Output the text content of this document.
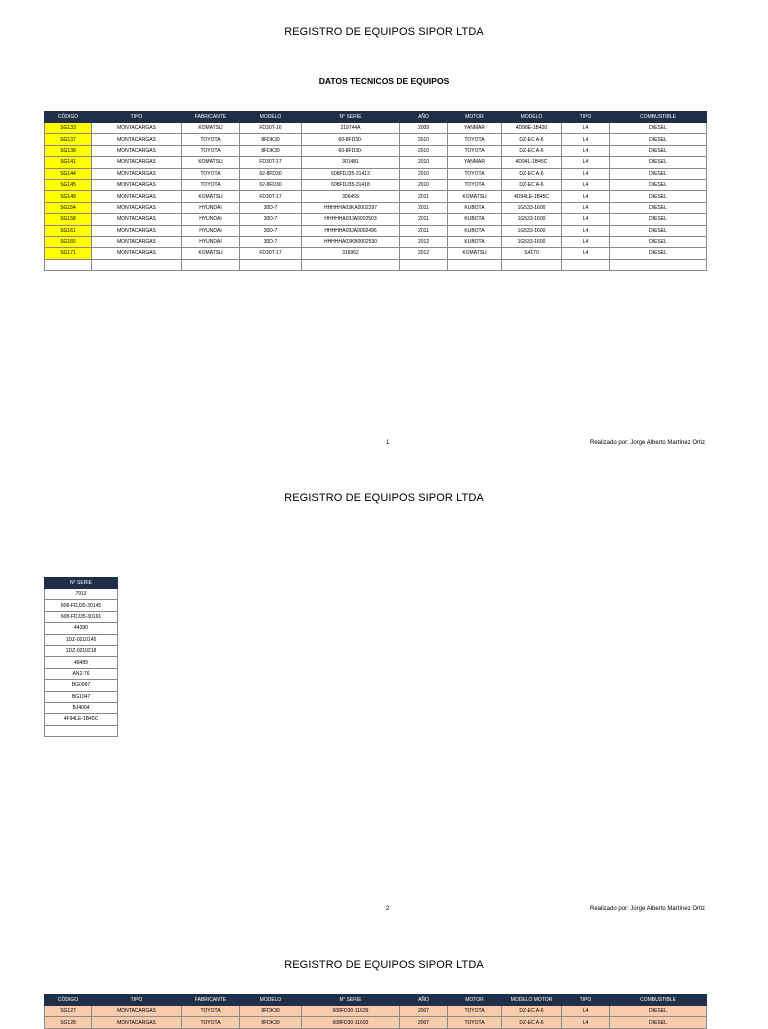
REGISTRO DE EQUIPOS SIPOR LTDA
DATOS TECNICOS DE EQUIPOS
CÓDIGO	TIPO	FABRICANTE	MODELO	N° SERIE	AÑO	MOTOR	MODELO	TIPO	COMBUSTIBLE
SG133	MONTACARGAS	KOMATSU	FD30T-16	219744A	2009	YANMAR	4D98E-1B420	L4	DIESEL
SG137	MONTACARGAS	TOYOTA	8FDK30	60-8FD30-	2010	TOYOTA	DZ-EC A-6	L4	DIESEL
SG138	MONTACARGAS	TOYOTA	8FDK30	60-8FD30-	2010	TOYOTA	DZ-EC A-6	L4	DIESEL
SG141	MONTACARGAS	KOMATSU	FD30T-17	301481	2010	YANMAR	4D94L-1B45C	L4	DIESEL
SG144	MONTACARGAS	TOYOTA	62-8FD30	608FDJ35-31413	2010	TOYOTA	DZ-EC A-6	L4	DIESEL
SG145	MONTACARGAS	TOYOTA	62-8FD30	608FDJ35-31418	2010	TOYOTA	DZ-EC A-6	L4	DIESEL
SG149	MONTACARGAS	KOMATSU	FD30T-17	306455	2011	KOMATSU	4D94LE-1B45C	L4	DIESEL
SG154	MONTACARGAS	HYUNDAI	30D-7	HHHHHA03KA0002297	2011	KUBOTA	1G533-1600	L4	DIESEL
SG158	MONTACARGAS	HYUNDAI	30D-7	HHHHHA03JA0002503	2011	KUBOTA	1G533-1600	L4	DIESEL
SG161	MONTACARGAS	HYUNDAI	30D-7	HHHHHA03JA0002496	2011	KUBOTA	1G533-1600	L4	DIESEL
SG165	MONTACARGAS	HYUNDAI	30D-7	HHHHHA03KB0002530	2012	KUBOTA	1G533-1600	L4	DIESEL
SG171	MONTACARGAS	KOMATSU	FD30T-17	316962	2012	KOMATSU	S4170	L4	DIESEL

1	Realizado por: Jorge Alberto Martínez Ortiz
REGISTRO DE EQUIPOS SIPOR LTDA
N° SERIE
7913
608-FDJ35-30145
608-FDJ35-30161
44390
1DZ-0210145
1DZ-0210218
48489
AN2-76
BG0997
BG1047
BJ4004
4F94LE-1B45C

2	Realizado por: Jorge Alberto Martínez Ortiz
REGISTRO DE EQUIPOS SIPOR LTDA
CÓDIGO	TIPO	FABRICANTE	MODELO	N° SERIE	AÑO	MOTOR	MODELO MOTOR	TIPO	COMBUSTIBLE
SG127	MONTACARGAS	TOYOTA	8FDK30	608FD30-11639	2007	TOYOTA	DZ-EC A-6	L4	DIESEL
SG128	MONTACARGAS	TOYOTA	8FDK30	608FD30-11693	2007	TOYOTA	DZ-EC A-6	L4	DIESEL
